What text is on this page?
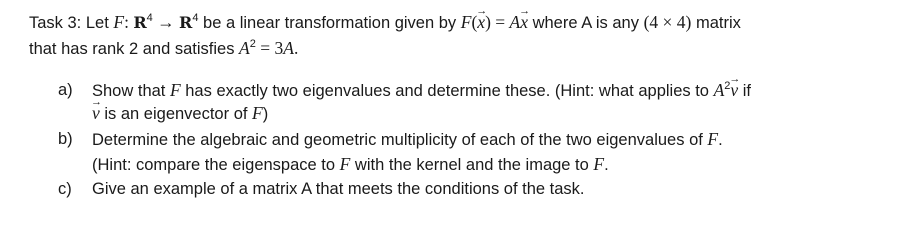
Task 3: Let F: $R^4 \to R^4$ be a linear transformation given by F(→ x) = A→ x where A is any (4 × 4) matrix
that has rank 2 and satisfies $A^2 = 3A$.
a) Show that F has exactly two eigenvalues and determine these. (Hint: what applies to $A^2\to v$ if
→ v is an eigenvector of F)
b) Determine the algebraic and geometric multiplicity of each of the two eigenvalues of F.
(Hint: compare the eigenspace to F with the kernel and the image to F.
c) Give an example of a matrix A that meets the conditions of the task.
